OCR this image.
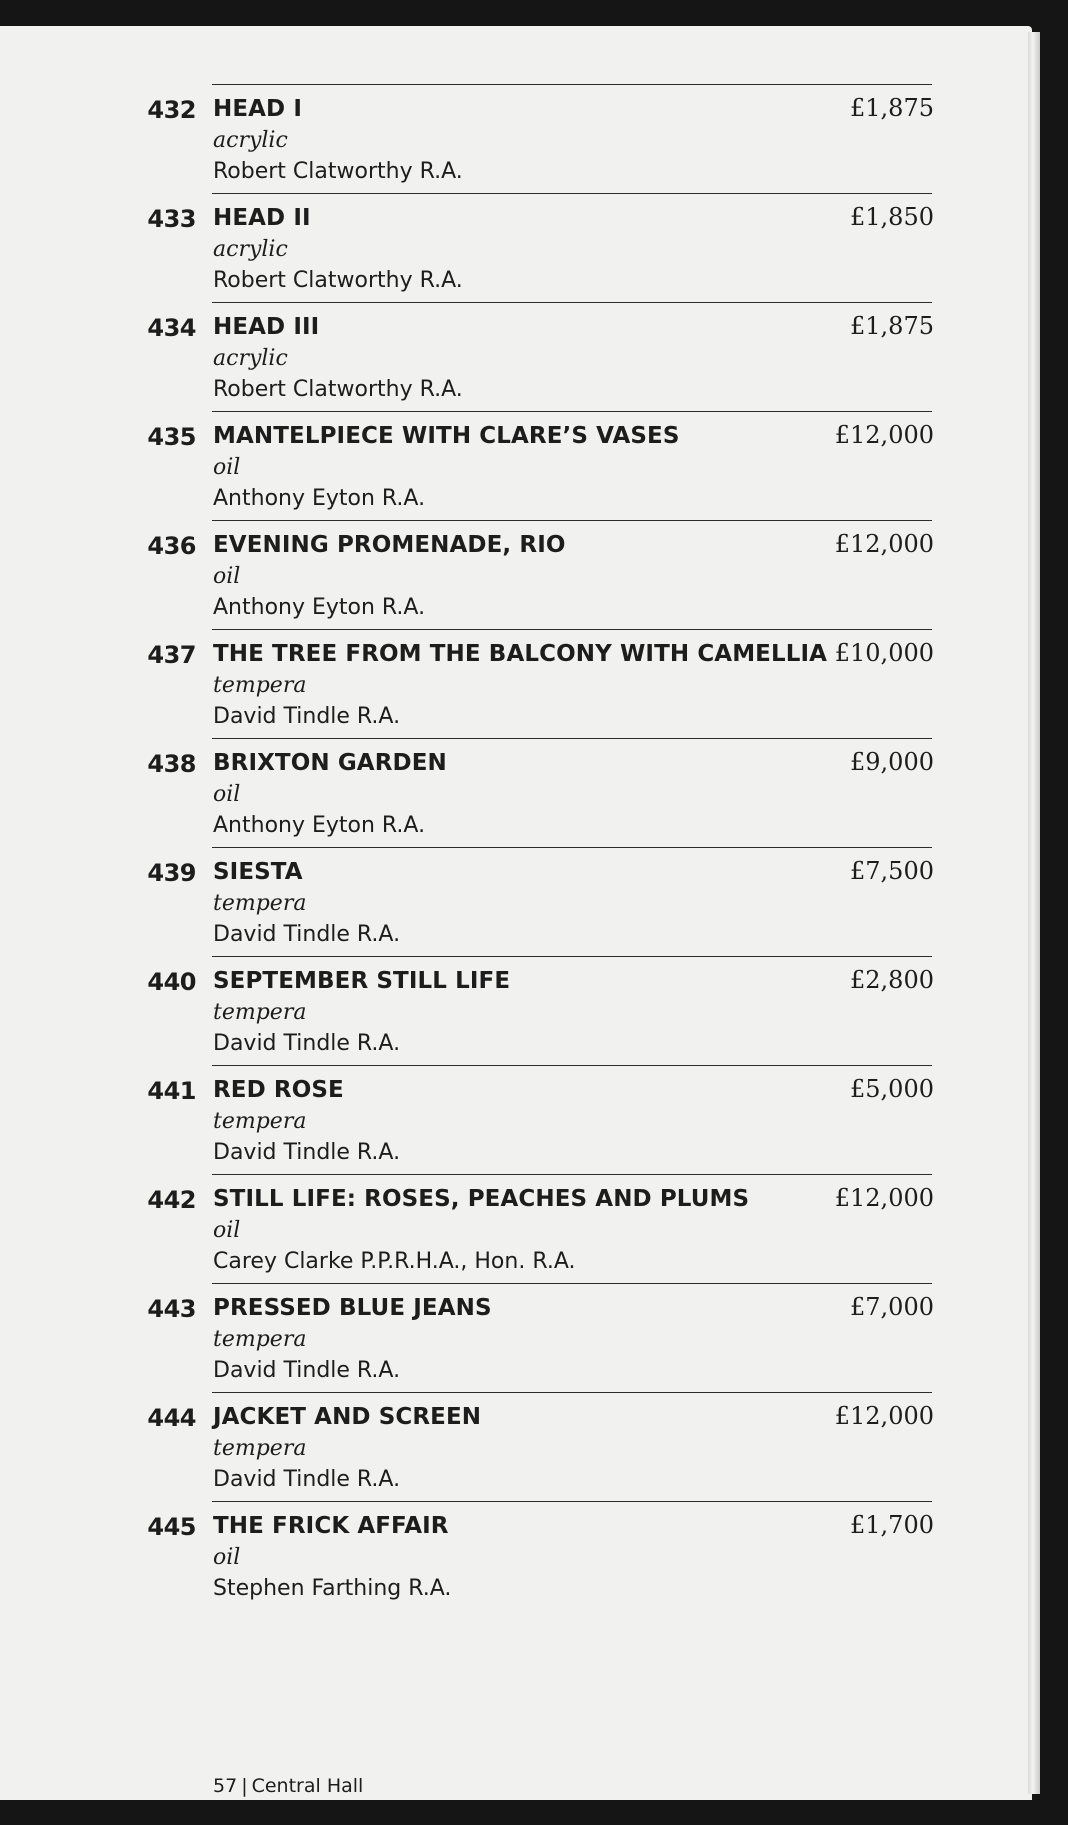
432 HEAD I
acrylic
Robert Clatworthy R.A.
£1,875
433 HEAD II
acrylic
Robert Clatworthy R.A.
£1,850
434 HEAD III
acrylic
Robert Clatworthy R.A.
£1,875
435 MANTELPIECE WITH CLARE’S VASES
oil
Anthony Eyton R.A.
£12,000
436 EVENING PROMENADE, RIO
oil
Anthony Eyton R.A.
£12,000
437 THE TREE FROM THE BALCONY WITH CAMELLIA
tempera
David Tindle R.A.
£10,000
438 BRIXTON GARDEN
oil
Anthony Eyton R.A.
£9,000
439 SIESTA
tempera
David Tindle R.A.
£7,500
440 SEPTEMBER STILL LIFE
tempera
David Tindle R.A.
£2,800
441 RED ROSE
tempera
David Tindle R.A.
£5,000
442 STILL LIFE: ROSES, PEACHES AND PLUMS
oil
Carey Clarke P.P.R.H.A., Hon. R.A.
£12,000
443 PRESSED BLUE JEANS
tempera
David Tindle R.A.
£7,000
444 JACKET AND SCREEN
tempera
David Tindle R.A.
£12,000
445 THE FRICK AFFAIR
oil
Stephen Farthing R.A.
£1,700
57 | Central Hall
